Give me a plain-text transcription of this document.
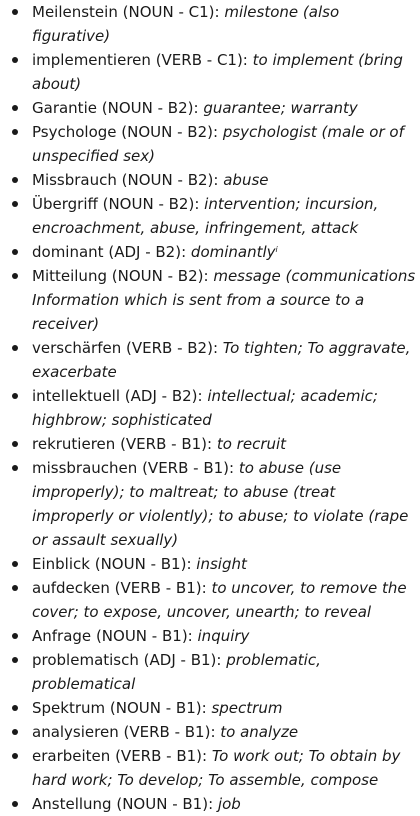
Meilenstein (NOUN - C1): milestone (also figurative)
implementieren (VERB - C1): to implement (bring about)
Garantie (NOUN - B2): guarantee; warranty
Psychologe (NOUN - B2): psychologist (male or of unspecified sex)
Missbrauch (NOUN - B2): abuse
Übergriff (NOUN - B2): intervention; incursion, encroachment, abuse, infringement, attack
dominant (ADJ - B2): dominantly$^i$
Mitteilung (NOUN - B2): message (communications Information which is sent from a source to a receiver)
verschärfen (VERB - B2): To tighten; To aggravate, exacerbate
intellektuell (ADJ - B2): intellectual; academic; highbrow; sophisticated
rekrutieren (VERB - B1): to recruit
missbrauchen (VERB - B1): to abuse (use improperly); to maltreat; to abuse (treat improperly or violently); to abuse; to violate (rape or assault sexually)
Einblick (NOUN - B1): insight
aufdecken (VERB - B1): to uncover, to remove the cover; to expose, uncover, unearth; to reveal
Anfrage (NOUN - B1): inquiry
problematisch (ADJ - B1): problematic, problematical
Spektrum (NOUN - B1): spectrum
analysieren (VERB - B1): to analyze
erarbeiten (VERB - B1): To work out; To obtain by hard work; To develop; To assemble, compose
Anstellung (NOUN - B1): job
